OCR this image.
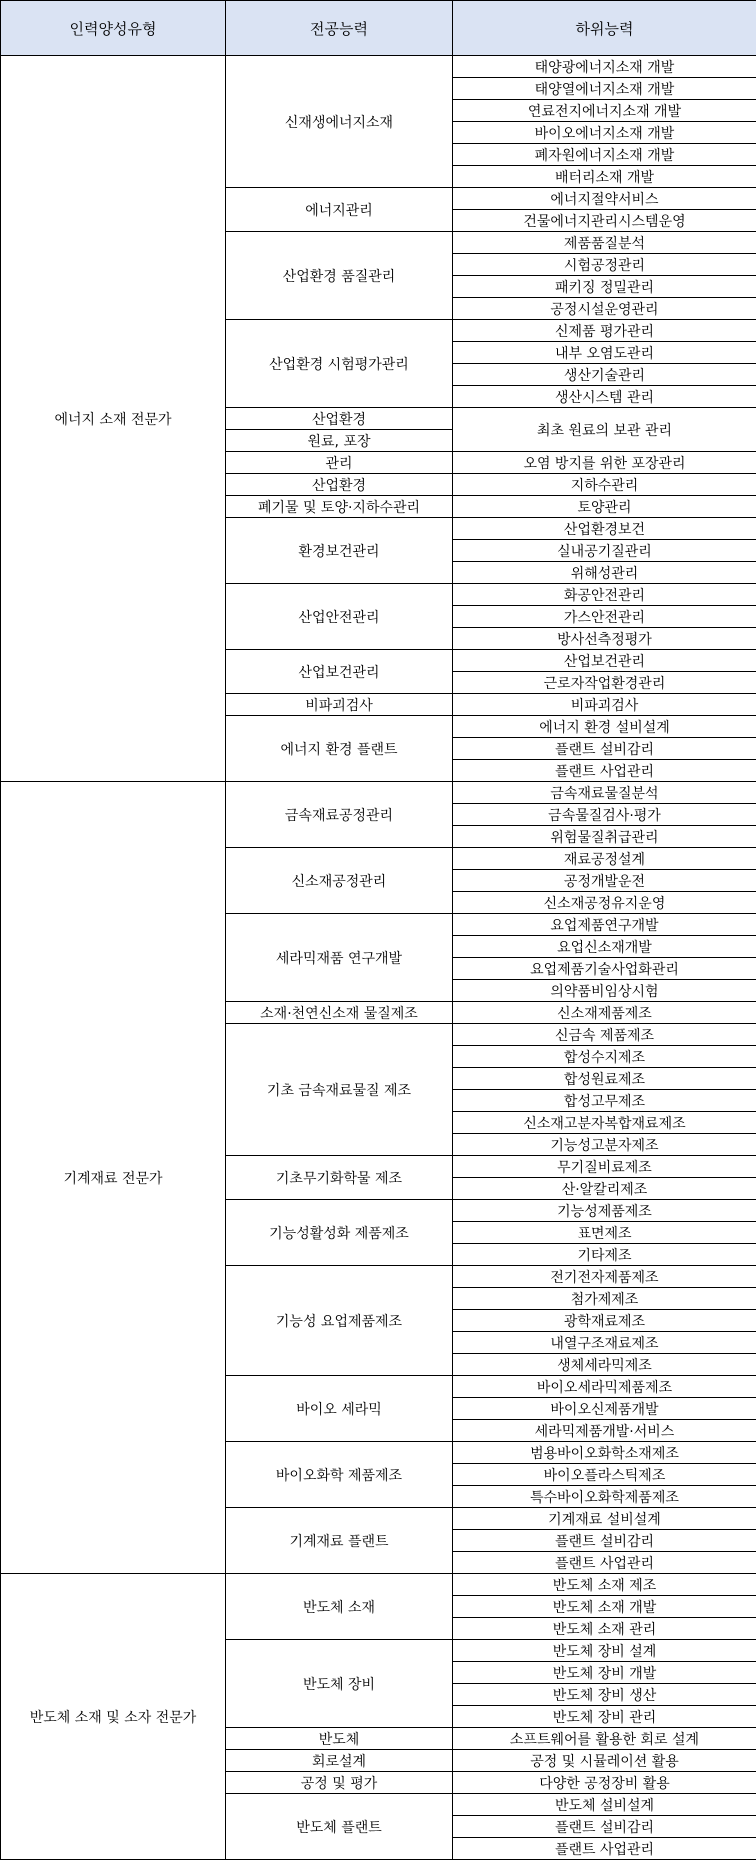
인력양성유형	전공능력	하위능력
에너지 소재 전문가	신재생에너지소재	태양광에너지소재 개발
		태양열에너지소재 개발
		연료전지에너지소재 개발
		바이오에너지소재 개발
		폐자원에너지소재 개발
		배터리소재 개발
	에너지관리	에너지절약서비스
		건물에너지관리시스템운영
	산업환경 품질관리	제품품질분석
		시험공정관리
		패키징 정밀관리
		공정시설운영관리
	산업환경 시험평가관리	신제품 평가관리
		내부 오염도관리
		생산기술관리
		생산시스템 관리
	산업환경	최초 원료의 보관 관리
	원료, 포장	
	관리	오염 방지를 위한 포장관리
	산업환경	지하수관리
	폐기물 및 토양·지하수관리	토양관리
	환경보건관리	산업환경보건
		실내공기질관리
		위해성관리
	산업안전관리	화공안전관리
		가스안전관리
		방사선측정평가
	산업보건관리	산업보건관리
		근로자작업환경관리
	비파괴검사	비파괴검사
	에너지 환경 플랜트	에너지 환경 설비설계
		플랜트 설비감리
		플랜트 사업관리
기계재료 전문가	금속재료공정관리	금속재료물질분석
		금속물질검사·평가
		위험물질취급관리
	신소재공정관리	재료공정설계
		공정개발운전
		신소재공정유지운영
	세라믹재품 연구개발	요업제품연구개발
		요업신소재개발
		요업제품기술사업화관리
		의약품비임상시험
	소재·천연신소재 물질제조	신소재제품제조
	기초 금속재료물질 제조	신금속 제품제조
		합성수지제조
		합성원료제조
		합성고무제조
		신소재고분자복합재료제조
		기능성고분자제조
	기초무기화학물 제조	무기질비료제조
		산·알칼리제조
	기능성활성화 제품제조	기능성제품제조
		표면제조
		기타제조
	기능성 요업제품제조	전기전자제품제조
		첨가제제조
		광학재료제조
		내열구조재료제조
		생체세라믹제조
	바이오 세라믹	바이오세라믹제품제조
		바이오신제품개발
		세라믹제품개발·서비스
	바이오화학 제품제조	범용바이오화학소재제조
		바이오플라스틱제조
		특수바이오화학제품제조
	기계재료 플랜트	기계재료 설비설계
		플랜트 설비감리
		플랜트 사업관리
반도체 소재 및 소자 전문가	반도체 소재	반도체 소재 제조
		반도체 소재 개발
		반도체 소재 관리
	반도체 장비	반도체 장비 설계
		반도체 장비 개발
		반도체 장비 생산
		반도체 장비 관리
	반도체	소프트웨어를 활용한 회로 설계
	회로설계	공정 및 시뮬레이션 활용
	공정 및 평가	다양한 공정장비 활용
	반도체 플랜트	반도체 설비설계
		플랜트 설비감리
		플랜트 사업관리
